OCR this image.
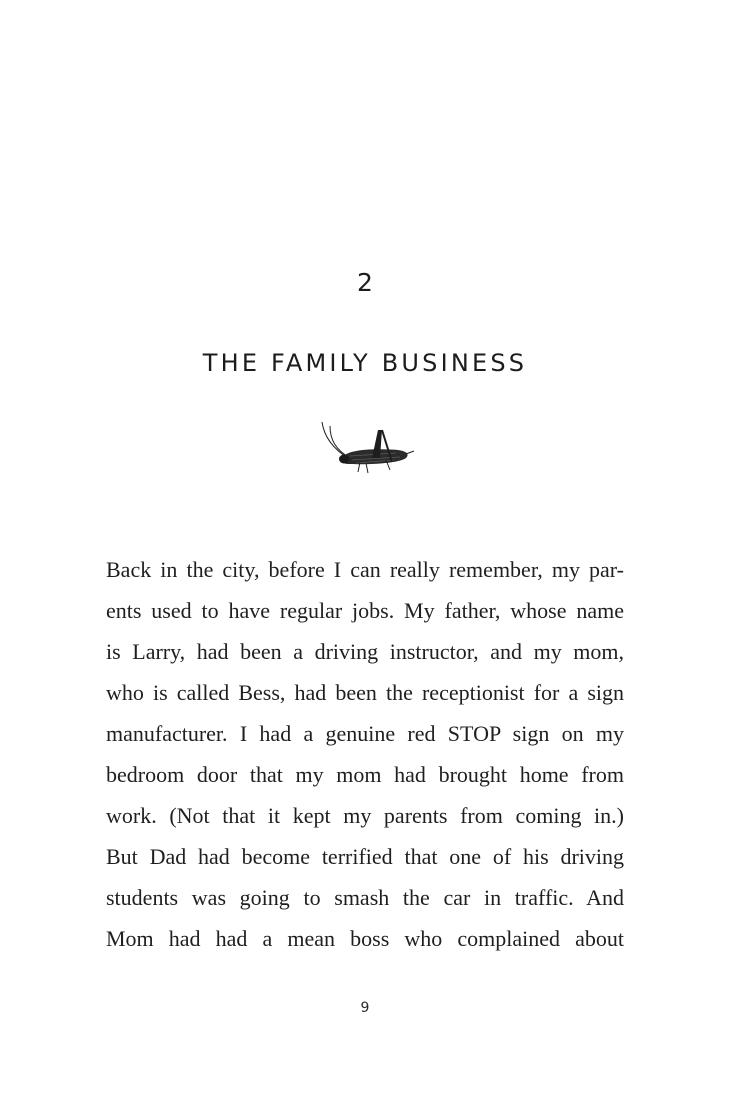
2
THE FAMILY BUSINESS
Back in the city, before I can really remember, my par-
ents used to have regular jobs. My father, whose name
is Larry, had been a driving instructor, and my mom,
who is called Bess, had been the receptionist for a sign
manufacturer. I had a genuine red STOP sign on my
bedroom door that my mom had brought home from
work. (Not that it kept my parents from coming in.)
But Dad had become terrified that one of his driving
students was going to smash the car in traffic. And
Mom had had a mean boss who complained about
9
